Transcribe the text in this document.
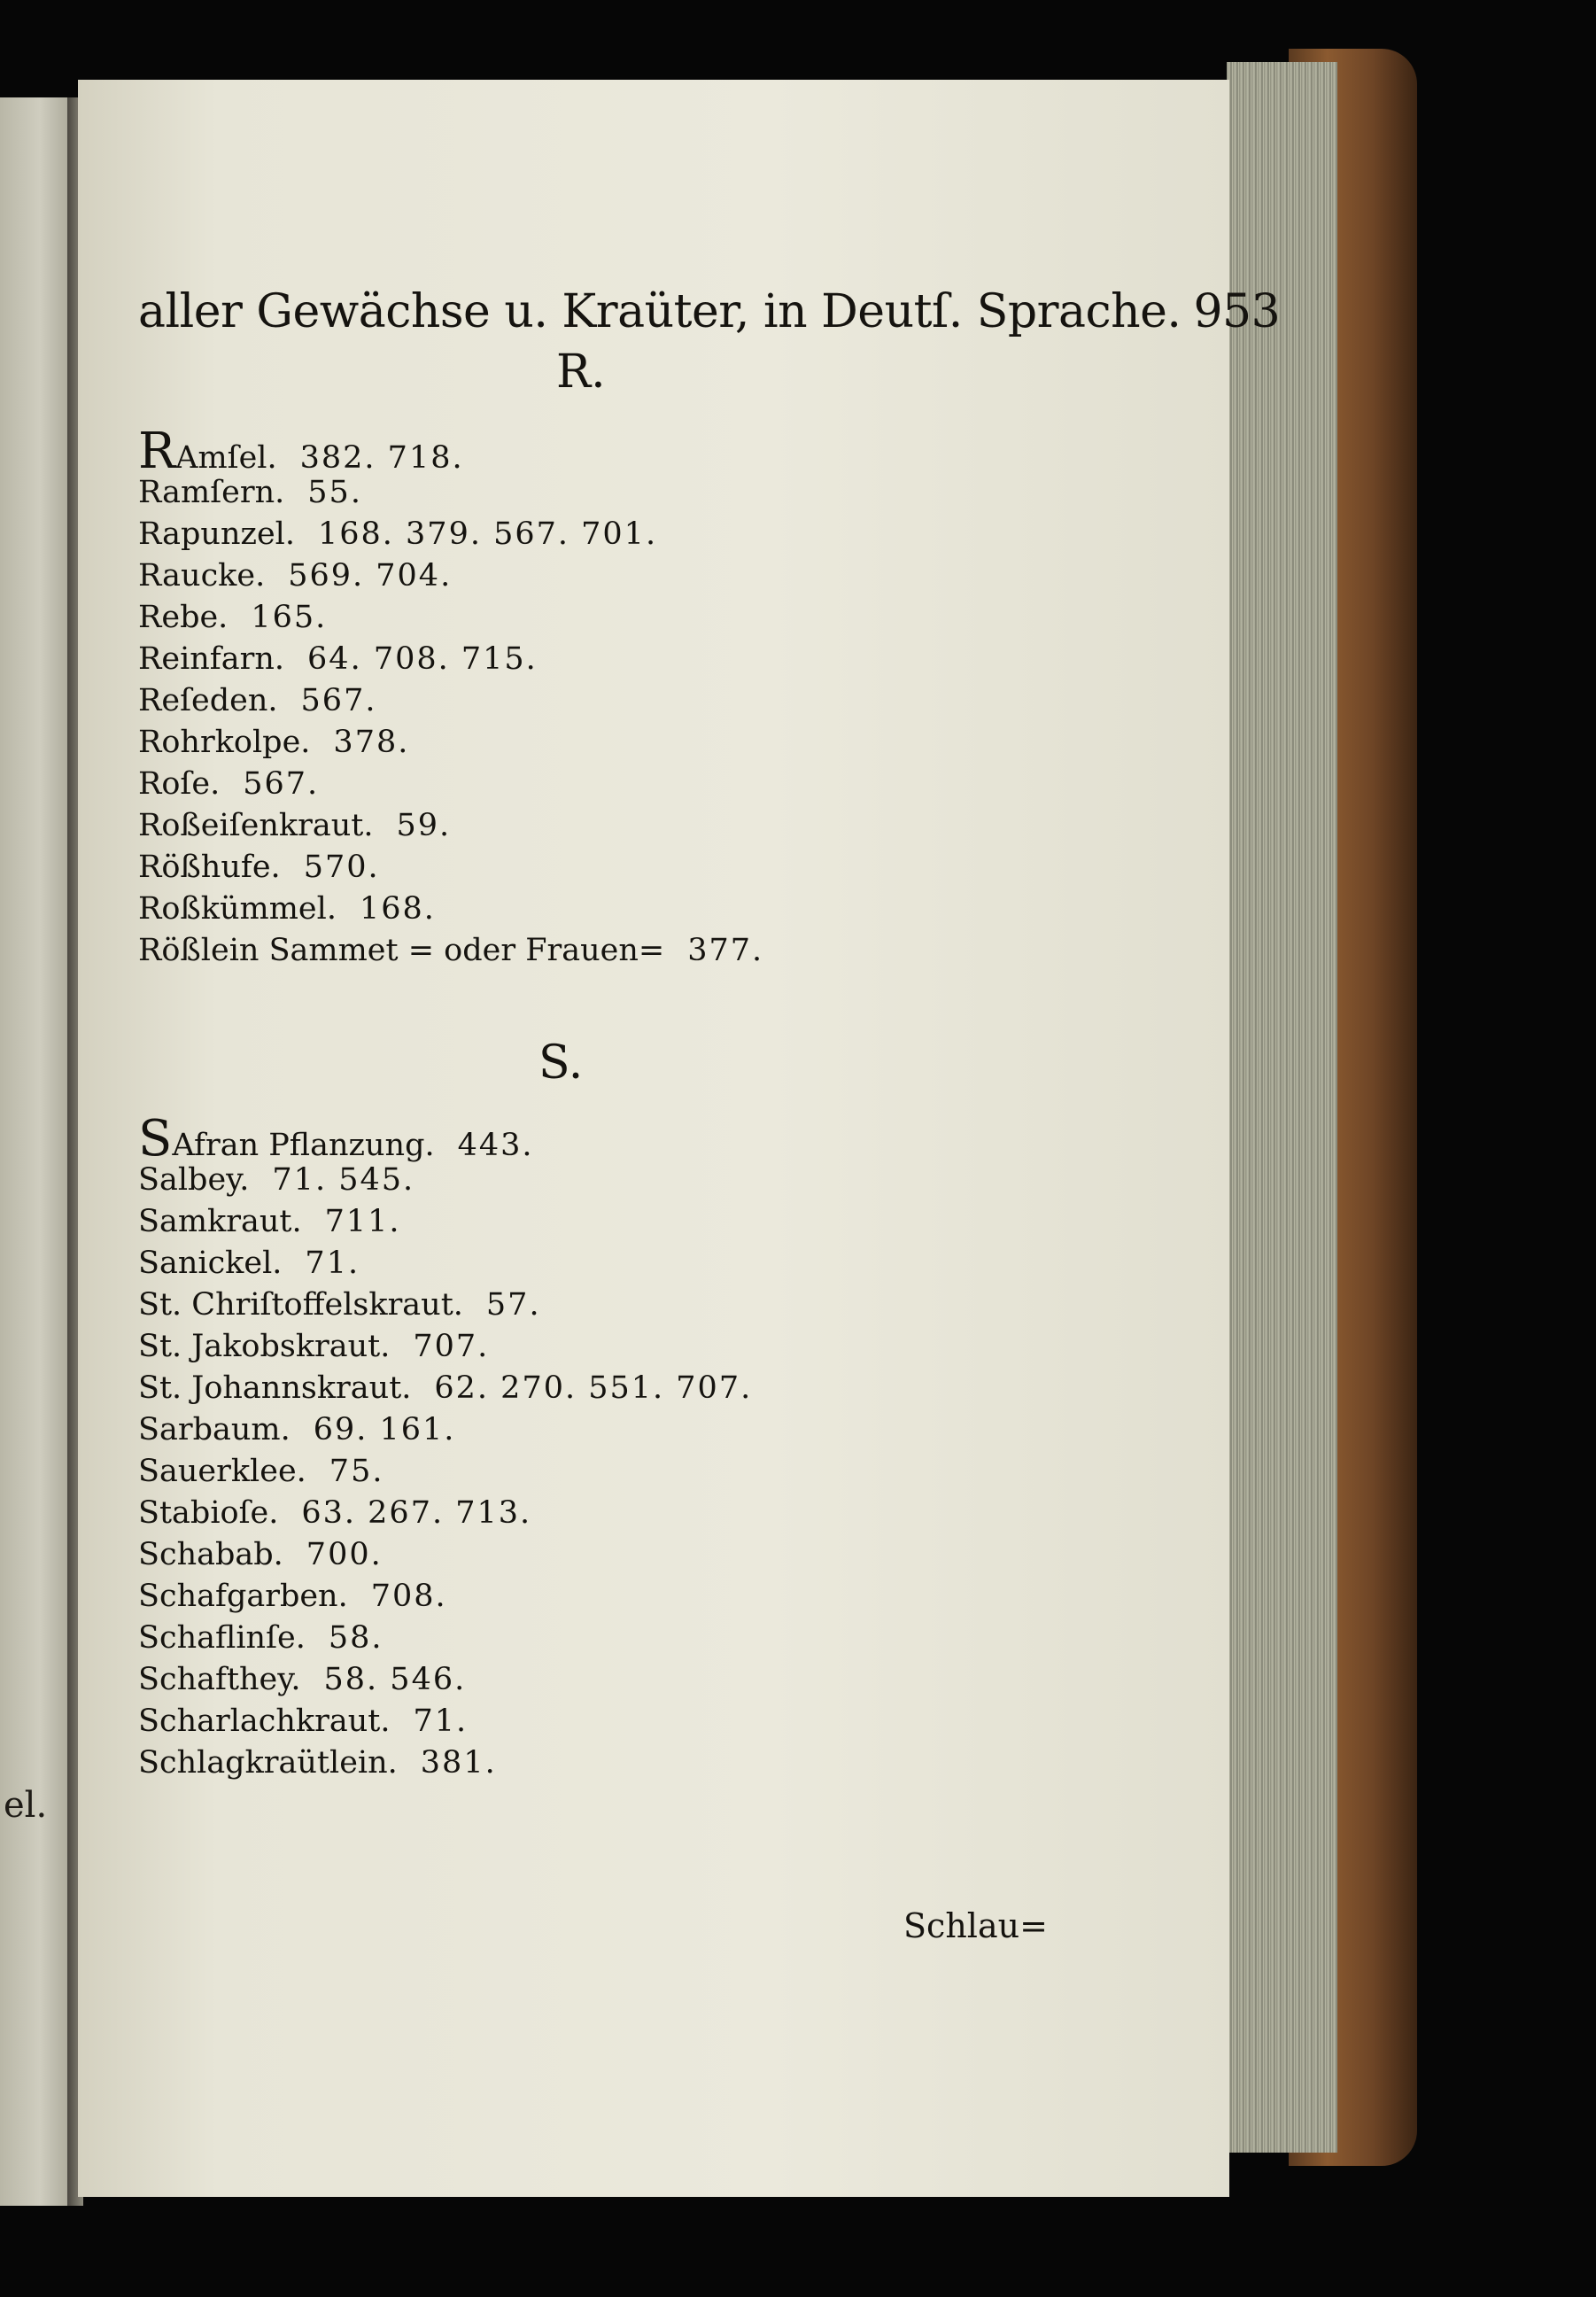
el.
aller Gewächse u. Kraüter, in Deutſ. Sprache. 953
R.
RAmſel. 382. 718.
Ramſern. 55.
Rapunzel. 168. 379. 567. 701.
Raucke. 569. 704.
Rebe. 165.
Reinfarn. 64. 708. 715.
Reſeden. 567.
Rohrkolpe. 378.
Roſe. 567.
Roßeiſenkraut. 59.
Rößhufe. 570.
Roßkümmel. 168.
Rößlein Sammet = oder Frauen= 377.
S.
SAfran Pflanzung. 443.
Salbey. 71. 545.
Samkraut. 711.
Sanickel. 71.
St. Chriſtoffelskraut. 57.
St. Jakobskraut. 707.
St. Johannskraut. 62. 270. 551. 707.
Sarbaum. 69. 161.
Sauerklee. 75.
Stabioſe. 63. 267. 713.
Schabab. 700.
Schafgarben. 708.
Schaflinſe. 58.
Schafthey. 58. 546.
Scharlachkraut. 71.
Schlagkraütlein. 381.
Schlau=
